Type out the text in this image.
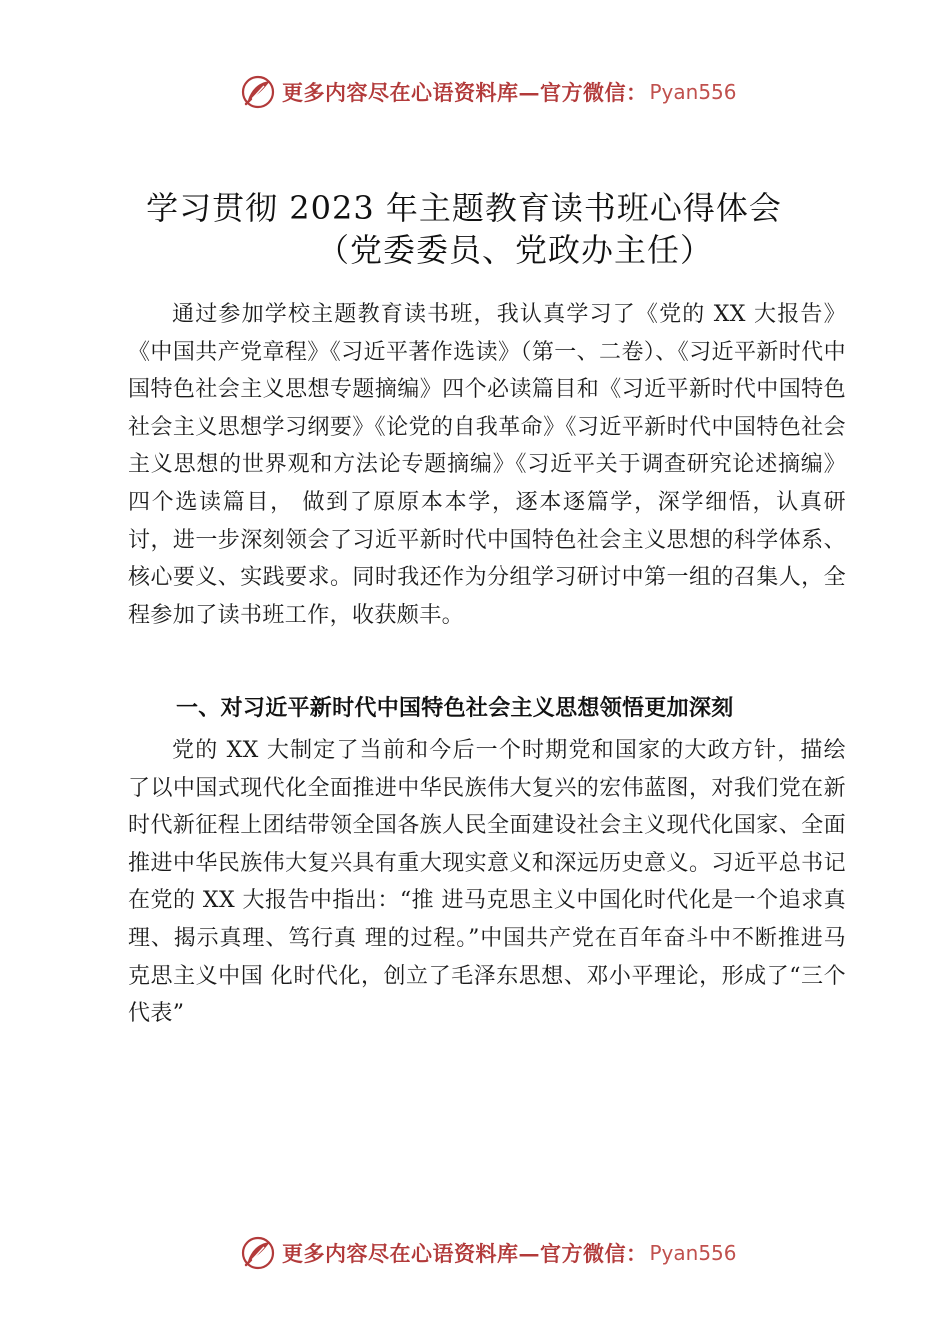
更多内容尽在心语资料库—官方微信： Pyan556
学习贯彻 2023 年主题教育读书班心得体会
（党委委员、党政办主任）

通过参加学校主题教育读书班，我认真学习了《党的 XX 大报告》《中国共产党章程》《习近平著作选读》（第一、二卷）、《习近平新时代中国特色社会主义思想专题摘编》四个必读篇目和《习近平新时代中国特色社会主义思想学习纲要》《论党的自我革命》《习近平新时代中国特色社会主义思想的世界观和方法论专题摘编》《习近平关于调查研究论述摘编》四个选读篇目， 做到了原原本本学，逐本逐篇学，深学细悟，认真研讨，进一步深刻领会了习近平新时代中国特色社会主义思想的科学体系、核心要义、实践要求。同时我还作为分组学习研讨中第一组的召集人，全程参加了读书班工作，收获颇丰。

一、对习近平新时代中国特色社会主义思想领悟更加深刻

党的 XX 大制定了当前和今后一个时期党和国家的大政方针，描绘了以中国式现代化全面推进中华民族伟大复兴的宏伟蓝图，对我们党在新时代新征程上团结带领全国各族人民全面建设社会主义现代化国家、全面推进中华民族伟大复兴具有重大现实意义和深远历史意义。习近平总书记在党的 XX 大报告中指出：“推 进马克思主义中国化时代化是一个追求真理、揭示真理、笃行真 理的过程。”中国共产党在百年奋斗中不断推进马克思主义中国 化时代化，创立了毛泽东思想、邓小平理论，形成了“三个代表”

更多内容尽在心语资料库—官方微信： Pyan556
